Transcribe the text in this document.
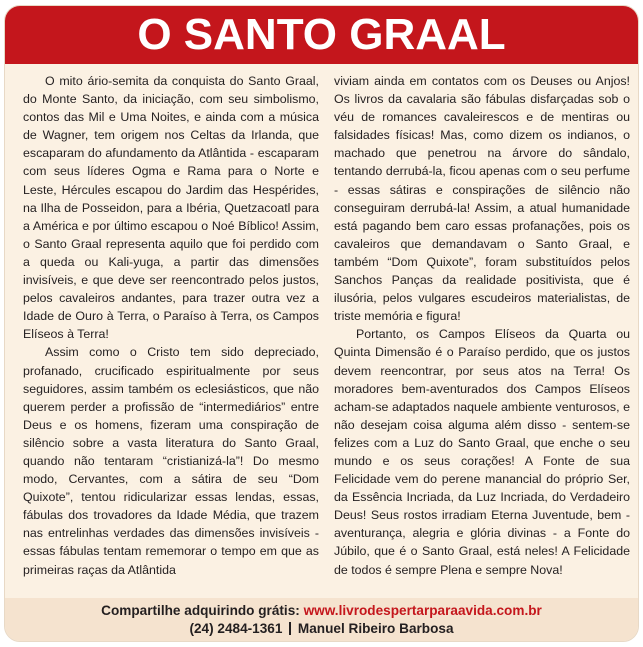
O SANTO GRAAL

O mito ário-semita da conquista do Santo Graal, do Monte Santo, da iniciação, com seu simbolismo, contos das Mil e Uma Noites, e ainda com a música de Wagner, tem origem nos Celtas da Irlanda, que escaparam do afundamento da Atlântida - escaparam com seus líderes Ogma e Rama para o Norte e Leste, Hércules escapou do Jardim das Hespérides, na Ilha de Posseidon, para a Ibéria, Quetzacoatl para a América e por último escapou o Noé Bíblico! Assim, o Santo Graal representa aquilo que foi perdido com a queda ou Kali-yuga, a partir das dimensões invisíveis, e que deve ser reencontrado pelos justos, pelos cavaleiros andantes, para trazer outra vez a Idade de Ouro à Terra, o Paraíso à Terra, os Campos Elíseos à Terra!

Assim como o Cristo tem sido depreciado, profanado, crucificado espiritualmente por seus seguidores, assim também os eclesiásticos, que não querem perder a profissão de “intermediários” entre Deus e os homens, fizeram uma conspiração de silêncio sobre a vasta literatura do Santo Graal, quando não tentaram “cristianizá-la”! Do mesmo modo, Cervantes, com a sátira de seu “Dom Quixote”, tentou ridicularizar essas lendas, essas, fábulas dos trovadores da Idade Média, que trazem nas entrelinhas verdades das dimensões invisíveis - essas fábulas tentam rememorar o tempo em que as primeiras raças da Atlântida

viviam ainda em contatos com os Deuses ou Anjos! Os livros da cavalaria são fábulas disfarçadas sob o véu de romances cavaleirescos e de mentiras ou falsidades físicas! Mas, como dizem os indianos, o machado que penetrou na árvore do sândalo, tentando derrubá-la, ficou apenas com o seu perfume - essas sátiras e conspirações de silêncio não conseguiram derrubá-la! Assim, a atual humanidade está pagando bem caro essas profanações, pois os cavaleiros que demandavam o Santo Graal, e também “Dom Quixote”, foram substituídos pelos Sanchos Panças da realidade positivista, que é ilusória, pelos vulgares escudeiros materialistas, de triste memória e figura!

Portanto, os Campos Elíseos da Quarta ou Quinta Dimensão é o Paraíso perdido, que os justos devem reencontrar, por seus atos na Terra! Os moradores bem-aventurados dos Campos Elíseos acham-se adaptados naquele ambiente venturosos, e não desejam coisa alguma além disso - sentem-se felizes com a Luz do Santo Graal, que enche o seu mundo e os seus corações! A Fonte de sua Felicidade vem do perene manancial do próprio Ser, da Essência Incriada, da Luz Incriada, do Verdadeiro Deus! Seus rostos irradiam Eterna Juventude, bem - aventurança, alegria e glória divinas - a Fonte do Júbilo, que é o Santo Graal, está neles! A Felicidade de todos é sempre Plena e sempre Nova!

Compartilhe adquirindo grátis: www.livrodespertarparaavida.com.br
(24) 2484-1361 Manuel Ribeiro Barbosa
